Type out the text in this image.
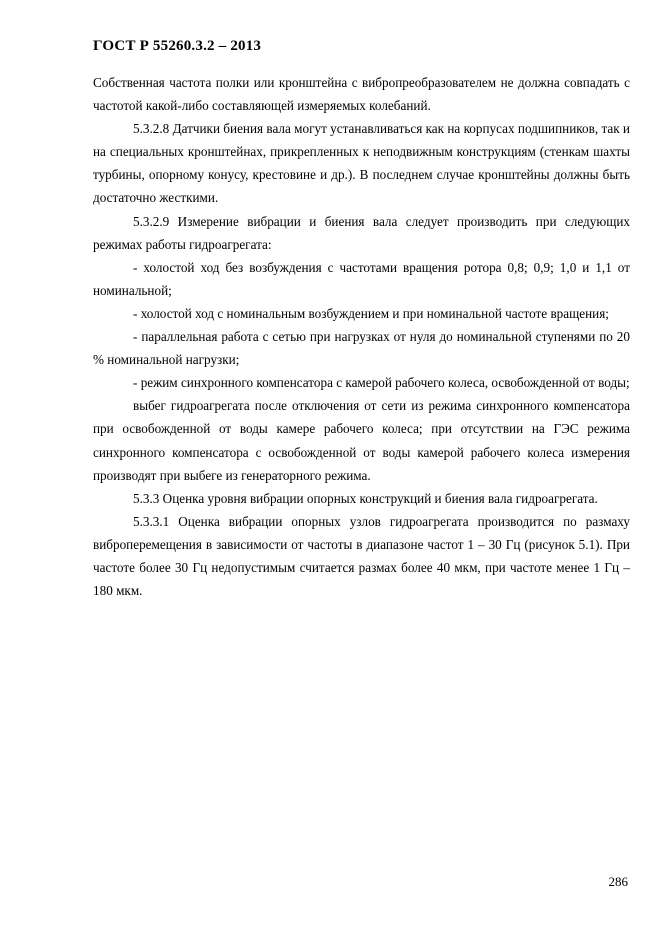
ГОСТ Р 55260.3.2 – 2013

Собственная частота полки или кронштейна с вибропреобразователем не должна совпадать с частотой какой-либо составляющей измеряемых колебаний.

5.3.2.8 Датчики биения вала могут устанавливаться как на корпусах подшипников, так и на специальных кронштейнах, прикрепленных к неподвижным конструкциям (стенкам шахты турбины, опорному конусу, крестовине и др.). В последнем случае кронштейны должны быть достаточно жесткими.

5.3.2.9 Измерение вибрации и биения вала следует производить при следующих режимах работы гидроагрегата:

- холостой ход без возбуждения с частотами вращения ротора 0,8; 0,9; 1,0 и 1,1 от номинальной;

- холостой ход с номинальным возбуждением и при номинальной частоте вращения;

- параллельная работа с сетью при нагрузках от нуля до номинальной ступенями по 20 % номинальной нагрузки;

- режим синхронного компенсатора с камерой рабочего колеса, освобожденной от воды;

выбег гидроагрегата после отключения от сети из режима синхронного компенсатора при освобожденной от воды камере рабочего колеса; при отсутствии на ГЭС режима синхронного компенсатора с освобожденной от воды камерой рабочего колеса измерения производят при выбеге из генераторного режима.

5.3.3 Оценка уровня вибрации опорных конструкций и биения вала гидроагрегата.

5.3.3.1 Оценка вибрации опорных узлов гидроагрегата производится по размаху виброперемещения в зависимости от частоты в диапазоне частот 1 – 30 Гц (рисунок 5.1). При частоте более 30 Гц недопустимым считается размах более 40 мкм, при частоте менее 1 Гц – 180 мкм.

286
